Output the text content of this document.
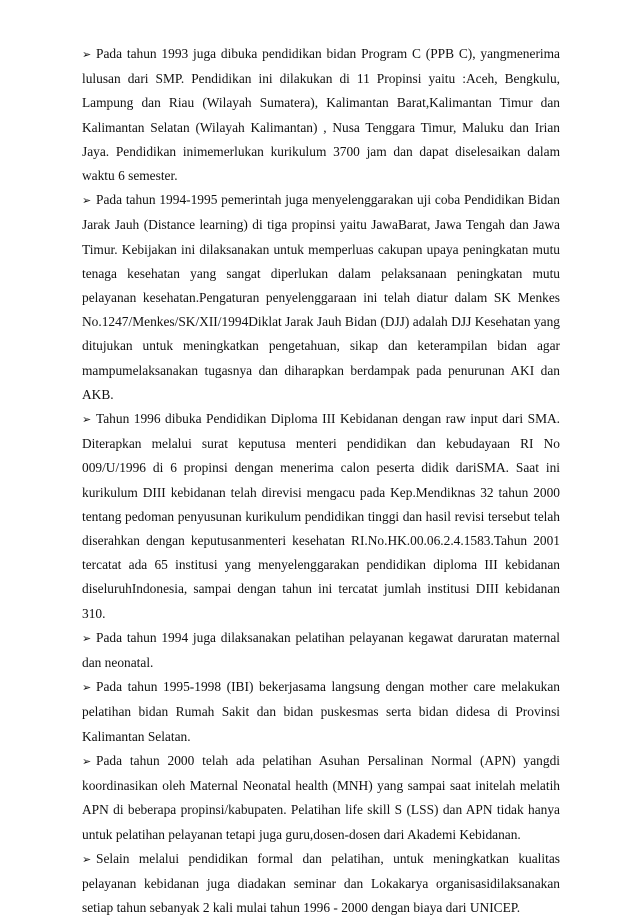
➢ Pada tahun 1993 juga dibuka pendidikan bidan Program C (PPB C), yangmenerima lulusan dari SMP. Pendidikan ini dilakukan di 11 Propinsi yaitu :Aceh, Bengkulu, Lampung dan Riau (Wilayah Sumatera), Kalimantan Barat,Kalimantan Timur dan Kalimantan Selatan (Wilayah Kalimantan) , Nusa Tenggara Timur, Maluku dan Irian Jaya. Pendidikan inimemerlukan kurikulum 3700 jam dan dapat diselesaikan dalam waktu 6 semester.

➢ Pada tahun 1994-1995 pemerintah juga menyelenggarakan uji coba Pendidikan Bidan Jarak Jauh (Distance learning) di tiga propinsi yaitu JawaBarat, Jawa Tengah dan Jawa Timur. Kebijakan ini dilaksanakan untuk memperluas cakupan upaya peningkatan mutu tenaga kesehatan yang sangat diperlukan dalam pelaksanaan peningkatan mutu pelayanan kesehatan.Pengaturan penyelenggaraan ini telah diatur dalam SK Menkes No.1247/Menkes/SK/XII/1994Diklat Jarak Jauh Bidan (DJJ) adalah DJJ Kesehatan yang ditujukan untuk meningkatkan pengetahuan, sikap dan keterampilan bidan agar mampumelaksanakan tugasnya dan diharapkan berdampak pada penurunan AKI dan AKB.

➢ Tahun 1996 dibuka Pendidikan Diploma III Kebidanan dengan raw input dari SMA. Diterapkan melalui surat keputusa menteri pendidikan dan kebudayaan RI No 009/U/1996 di 6 propinsi dengan menerima calon peserta didik dariSMA. Saat ini kurikulum DIII kebidanan telah direvisi mengacu pada Kep.Mendiknas 32 tahun 2000 tentang pedoman penyusunan kurikulum pendidikan tinggi dan hasil revisi tersebut telah diserahkan dengan keputusanmenteri kesehatan RI.No.HK.00.06.2.4.1583.Tahun 2001 tercatat ada 65 institusi yang menyelenggarakan pendidikan diploma III kebidanan diseluruhIndonesia, sampai dengan tahun ini tercatat jumlah institusi DIII kebidanan 310.

➢ Pada tahun 1994 juga dilaksanakan pelatihan pelayanan kegawat daruratan maternal dan neonatal.

➢ Pada tahun 1995-1998 (IBI) bekerjasama langsung dengan mother care melakukan pelatihan bidan Rumah Sakit dan bidan puskesmas serta bidan didesa di Provinsi Kalimantan Selatan.

➢ Pada tahun 2000 telah ada pelatihan Asuhan Persalinan Normal (APN) yangdi koordinasikan oleh Maternal Neonatal health (MNH) yang sampai saat initelah melatih APN di beberapa propinsi/kabupaten. Pelatihan life skill S (LSS) dan APN tidak hanya untuk pelatihan pelayanan tetapi juga guru,dosen-dosen dari Akademi Kebidanan.

➢ Selain melalui pendidikan formal dan pelatihan, untuk meningkatkan kualitas pelayanan kebidanan juga diadakan seminar dan Lokakarya organisasidilaksanakan setiap tahun sebanyak 2 kali mulai tahun 1996 - 2000 dengan biaya dari UNICEP.
